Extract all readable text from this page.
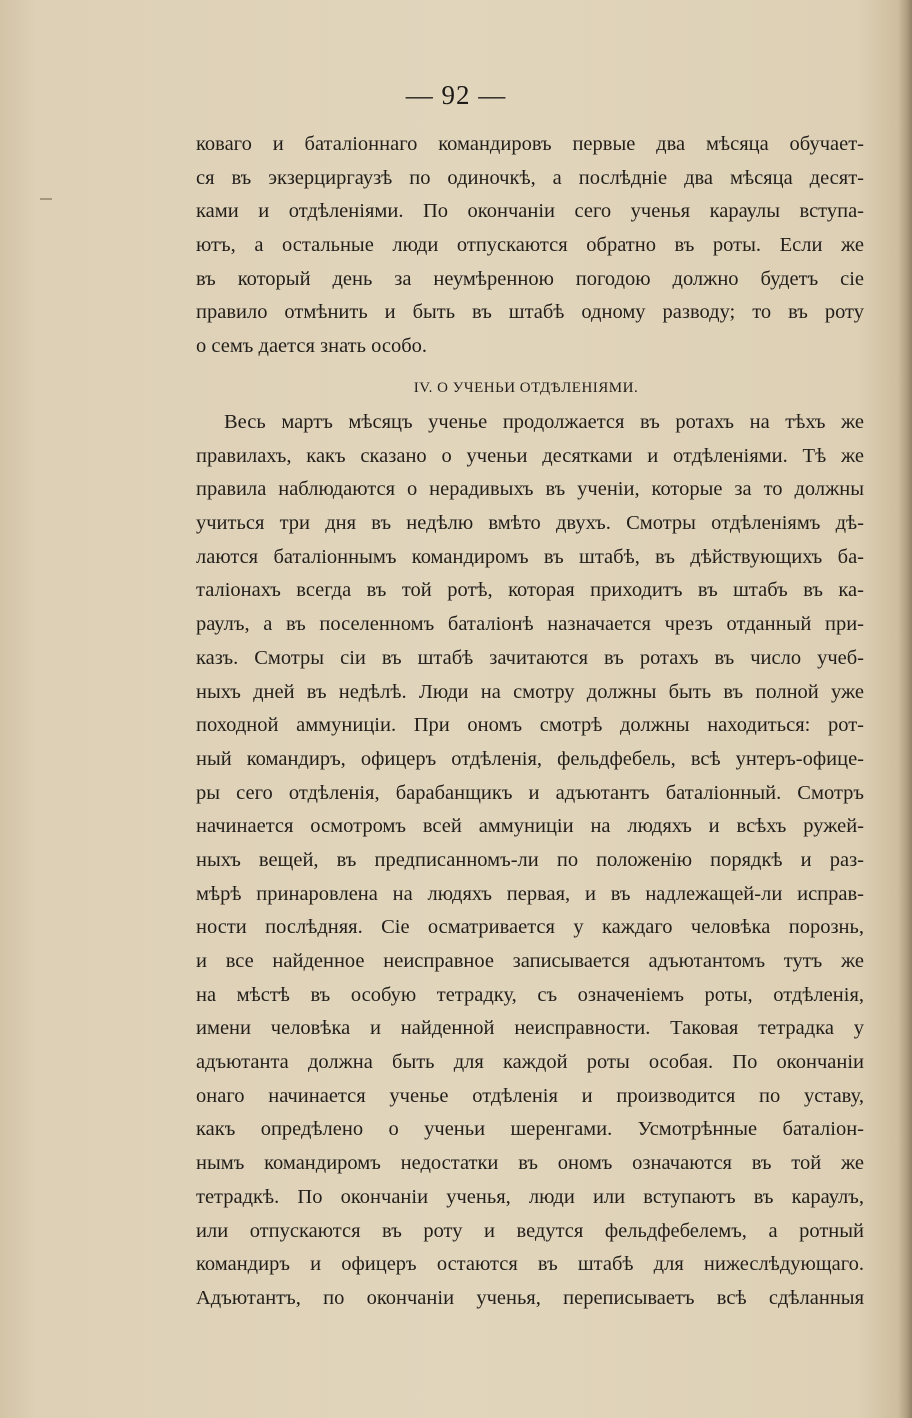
— 92 —
коваго и баталіоннаго командировъ первые два мѣсяца обучает-
ся въ экзерциргаузѣ по одиночкѣ, а послѣдніе два мѣсяца десят-
ками и отдѣленіями. По окончаніи сего ученья караулы вступа-
ютъ, а остальные люди отпускаются обратно въ роты. Если же
въ который день за неумѣренною погодою должно будетъ сіе
правило отмѣнить и быть въ штабѣ одному разводу; то въ роту
о семъ дается знать особо.
IV. О УЧЕНЬИ ОТДѢЛЕНІЯМИ.
Весь мартъ мѣсяцъ ученье продолжается въ ротахъ на тѣхъ же
правилахъ, какъ сказано о ученьи десятками и отдѣленіями. Тѣ же
правила наблюдаются о нерадивыхъ въ ученіи, которые за то должны
учиться три дня въ недѣлю вмѣто двухъ. Смотры отдѣленіямъ дѣ-
лаются баталіоннымъ командиромъ въ штабѣ, въ дѣйствующихъ ба-
таліонахъ всегда въ той ротѣ, которая приходитъ въ штабъ въ ка-
раулъ, а въ поселенномъ баталіонѣ назначается чрезъ отданный при-
казъ. Смотры сіи въ штабѣ зачитаются въ ротахъ въ число учеб-
ныхъ дней въ недѣлѣ. Люди на смотру должны быть въ полной уже
походной аммуниціи. При ономъ смотрѣ должны находиться: рот-
ный командиръ, офицеръ отдѣленія, фельдфебель, всѣ унтеръ-офице-
ры сего отдѣленія, барабанщикъ и адъютантъ баталіонный. Смотръ
начинается осмотромъ всей аммуниціи на людяхъ и всѣхъ ружей-
ныхъ вещей, въ предписанномъ-ли по положенію порядкѣ и раз-
мѣрѣ принаровлена на людяхъ первая, и въ надлежащей-ли исправ-
ности послѣдняя. Сіе осматривается у каждаго человѣка порознь,
и все найденное неисправное записывается адъютантомъ тутъ же
на мѣстѣ въ особую тетрадку, съ означеніемъ роты, отдѣленія,
имени человѣка и найденной неисправности. Таковая тетрадка у
адъютанта должна быть для каждой роты особая. По окончаніи
онаго начинается ученье отдѣленія и производится по уставу,
какъ опредѣлено о ученьи шеренгами. Усмотрѣнные баталіон-
нымъ командиромъ недостатки въ ономъ означаются въ той же
тетрадкѣ. По окончаніи ученья, люди или вступаютъ въ караулъ,
или отпускаются въ роту и ведутся фельдфебелемъ, а ротный
командиръ и офицеръ остаются въ штабѣ для нижеслѣдующаго.
Адъютантъ, по окончаніи ученья, переписываетъ всѣ сдѣланныя
